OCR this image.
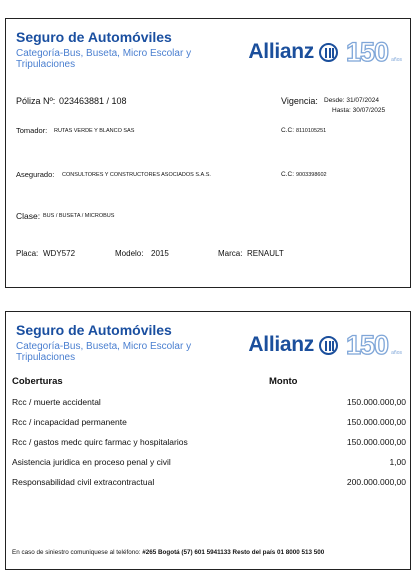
Seguro de Automóviles
Categoría-Bus, Buseta, Micro Escolar y Tripulaciones
Allianz 150 años
Póliza Nº: 023463881 / 108	Vigencia: Desde: 31/07/2024
Hasta: 30/07/2025
Tomador: RUTAS VERDE Y BLANCO SAS	C.C: 8110105251
Asegurado: CONSULTORES Y CONSTRUCTORES ASOCIADOS S.A.S.	C.C: 9003398602
Clase: BUS / BUSETA / MICROBUS
Placa: WDY572	Modelo: 2015	Marca: RENAULT
Seguro de Automóviles
Categoría-Bus, Buseta, Micro Escolar y Tripulaciones
Allianz 150 años
Coberturas	Monto
Rcc / muerte accidental	150.000.000,00
Rcc / incapacidad permanente	150.000.000,00
Rcc / gastos medc quirc farmac y hospitalarios	150.000.000,00
Asistencia juridica en proceso penal y civil	1,00
Responsabilidad civil extracontractual	200.000.000,00
En caso de siniestro comuniquese al teléfono: #265 Bogotá (57) 601 5941133 Resto del país 01 8000 513 500
